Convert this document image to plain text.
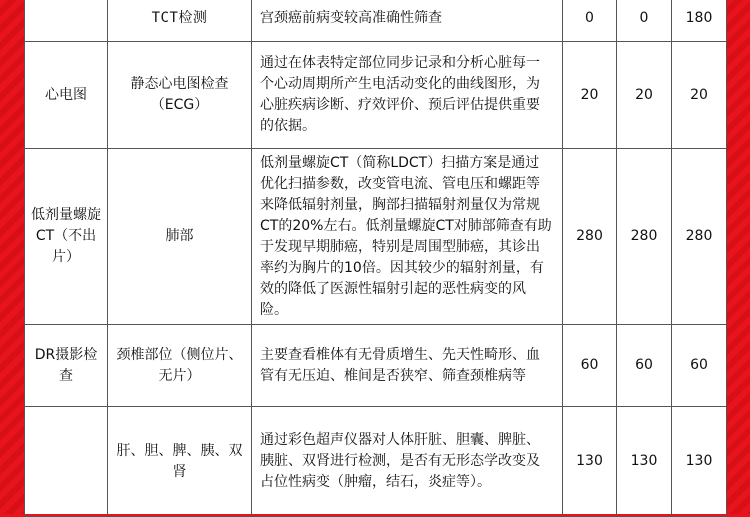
	TCT检测	宫颈癌前病变较高准确性筛查	0	0	180
心电图	静态心电图检查（ECG）	通过在体表特定部位同步记录和分析心脏每一个心动周期所产生电活动变化的曲线图形，为心脏疾病诊断、疗效评价、预后评估提供重要的依据。	20	20	20
低剂量螺旋CT（不出片）	肺部	低剂量螺旋CT（简称LDCT）扫描方案是通过优化扫描参数，改变管电流、管电压和螺距等来降低辐射剂量，胸部扫描辐射剂量仅为常规CT的20%左右。低剂量螺旋CT对肺部筛查有助于发现早期肺癌，特别是周围型肺癌，其诊出率约为胸片的10倍。因其较少的辐射剂量，有效的降低了医源性辐射引起的恶性病变的风险。	280	280	280
DR摄影检查	颈椎部位（侧位片、无片）	主要查看椎体有无骨质增生、先天性畸形、血管有无压迫、椎间是否狭窄、筛查颈椎病等	60	60	60
	肝、胆、脾、胰、双肾	通过彩色超声仪器对人体肝脏、胆囊、脾脏、胰脏、双肾进行检测，是否有无形态学改变及占位性病变（肿瘤，结石，炎症等）。	130	130	130
